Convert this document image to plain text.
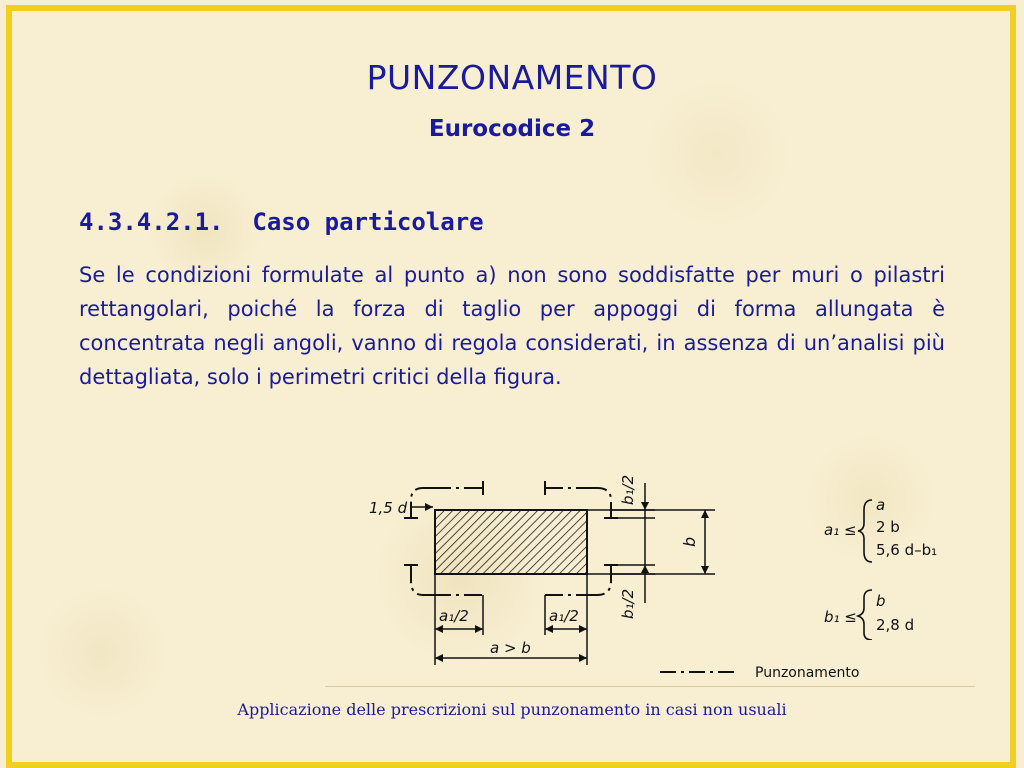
PUNZONAMENTO
Eurocodice 2
4.3.4.2.1. Caso particolare
Se le condizioni formulate al punto a) non sono soddisfatte per muri o pilastri rettangolari, poiché la forza di taglio per appoggi di forma allungata è concentrata negli angoli, vanno di regola considerati, in assenza di un’analisi più dettagliata, solo i perimetri critici della figura.
1,5 d
b₁/2
b
b₁/2
a₁/2	a₁/2
a > b
Punzonamento
a₁ ≤
a
2 b
5,6 d–b₁
b₁ ≤
b
2,8 d
Applicazione delle prescrizioni sul punzonamento in casi non usuali
